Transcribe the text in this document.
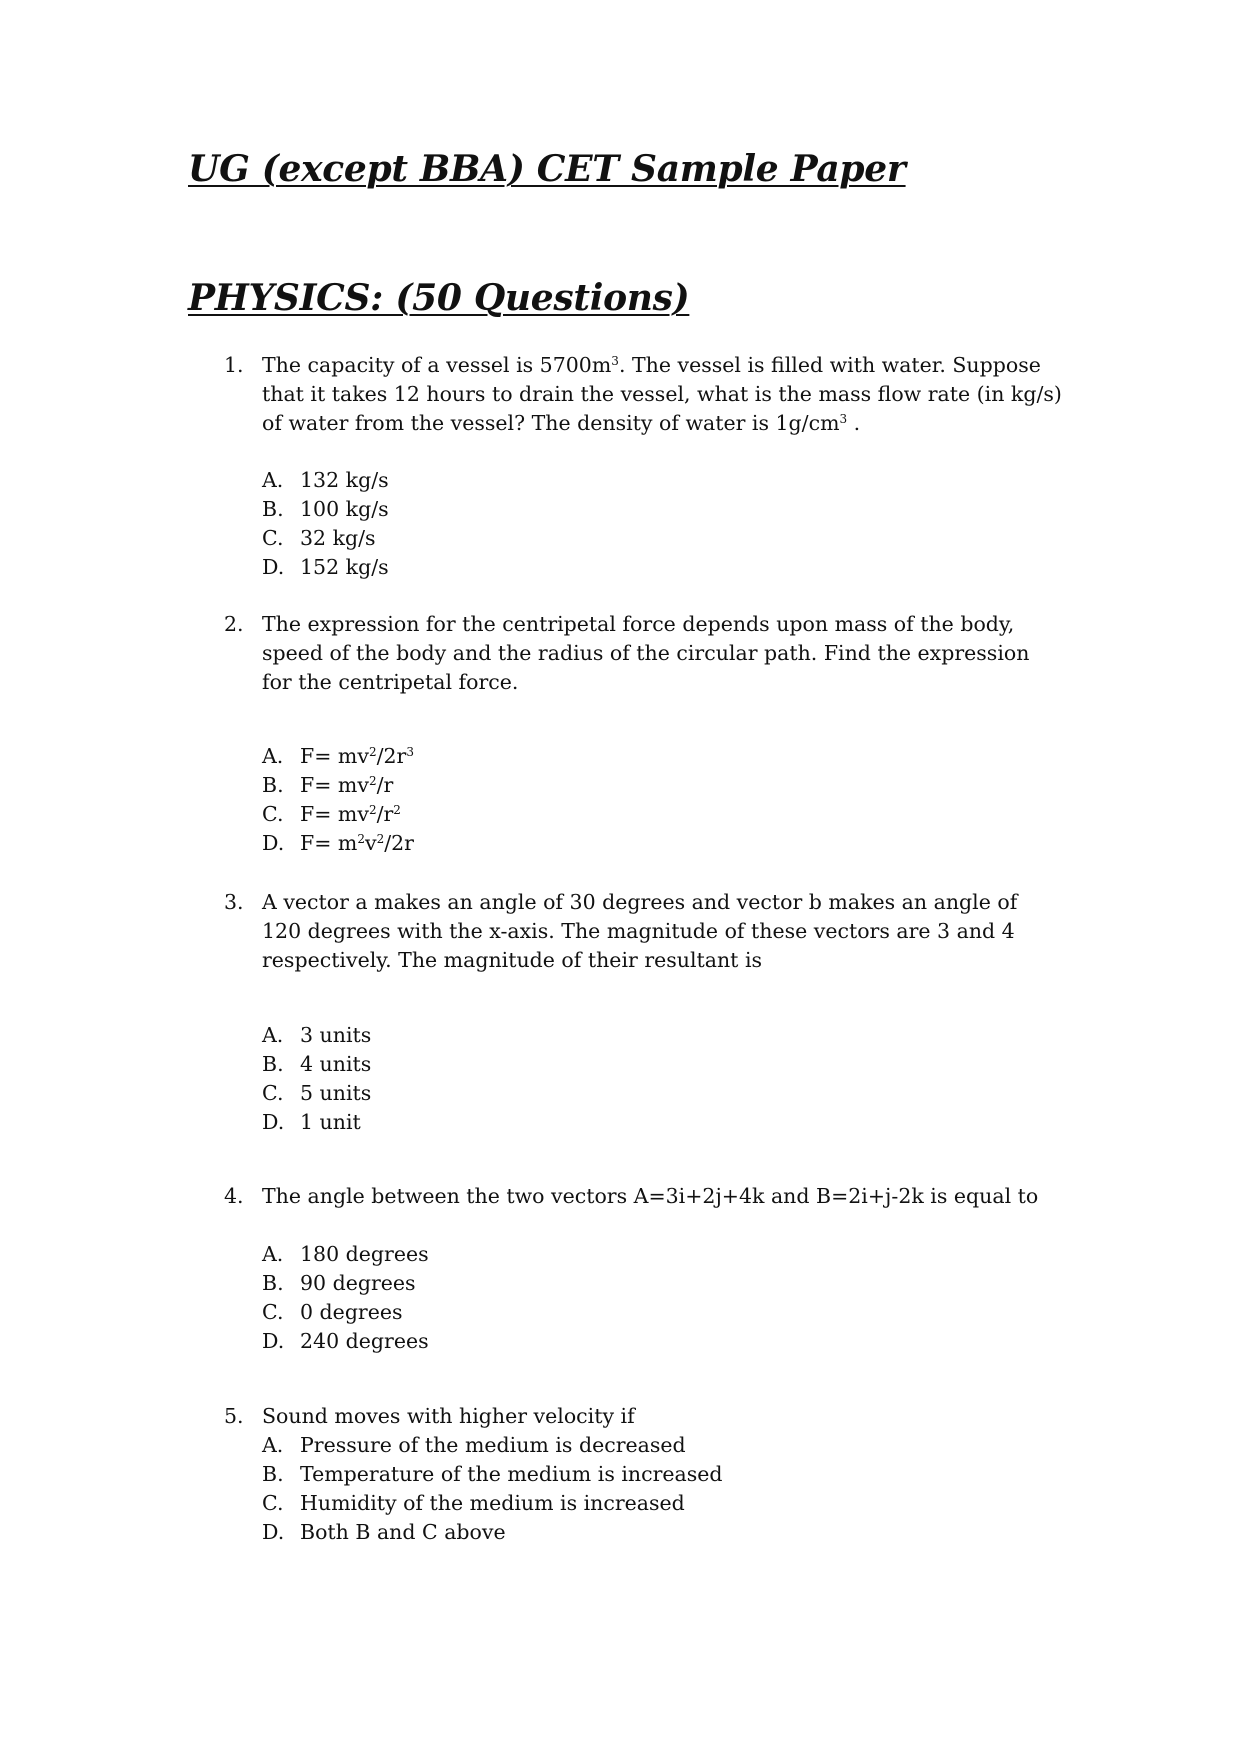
UG (except BBA) CET Sample Paper
PHYSICS: (50 Questions)
1. The capacity of a vessel is $5700m^3$. The vessel is filled with water. Suppose that it takes 12 hours to drain the vessel, what is the mass flow rate (in kg/s) of water from the vessel? The density of water is $1g/cm^3$ .
A. 132 kg/s
B. 100 kg/s
C. 32 kg/s
D. 152 kg/s
2. The expression for the centripetal force depends upon mass of the body, speed of the body and the radius of the circular path. Find the expression for the centripetal force.
A. $F= mv^2/2r^3$
B. $F= mv^2/r$
C. $F= mv^2/r^2$
D. $F= m^2v^2/2r$
3. A vector a makes an angle of 30 degrees and vector b makes an angle of 120 degrees with the x-axis. The magnitude of these vectors are 3 and 4 respectively. The magnitude of their resultant is
A. 3 units
B. 4 units
C. 5 units
D. 1 unit
4. The angle between the two vectors A=3i+2j+4k and B=2i+j-2k is equal to
A. 180 degrees
B. 90 degrees
C. 0 degrees
D. 240 degrees
5. Sound moves with higher velocity if
A. Pressure of the medium is decreased
B. Temperature of the medium is increased
C. Humidity of the medium is increased
D. Both B and C above
